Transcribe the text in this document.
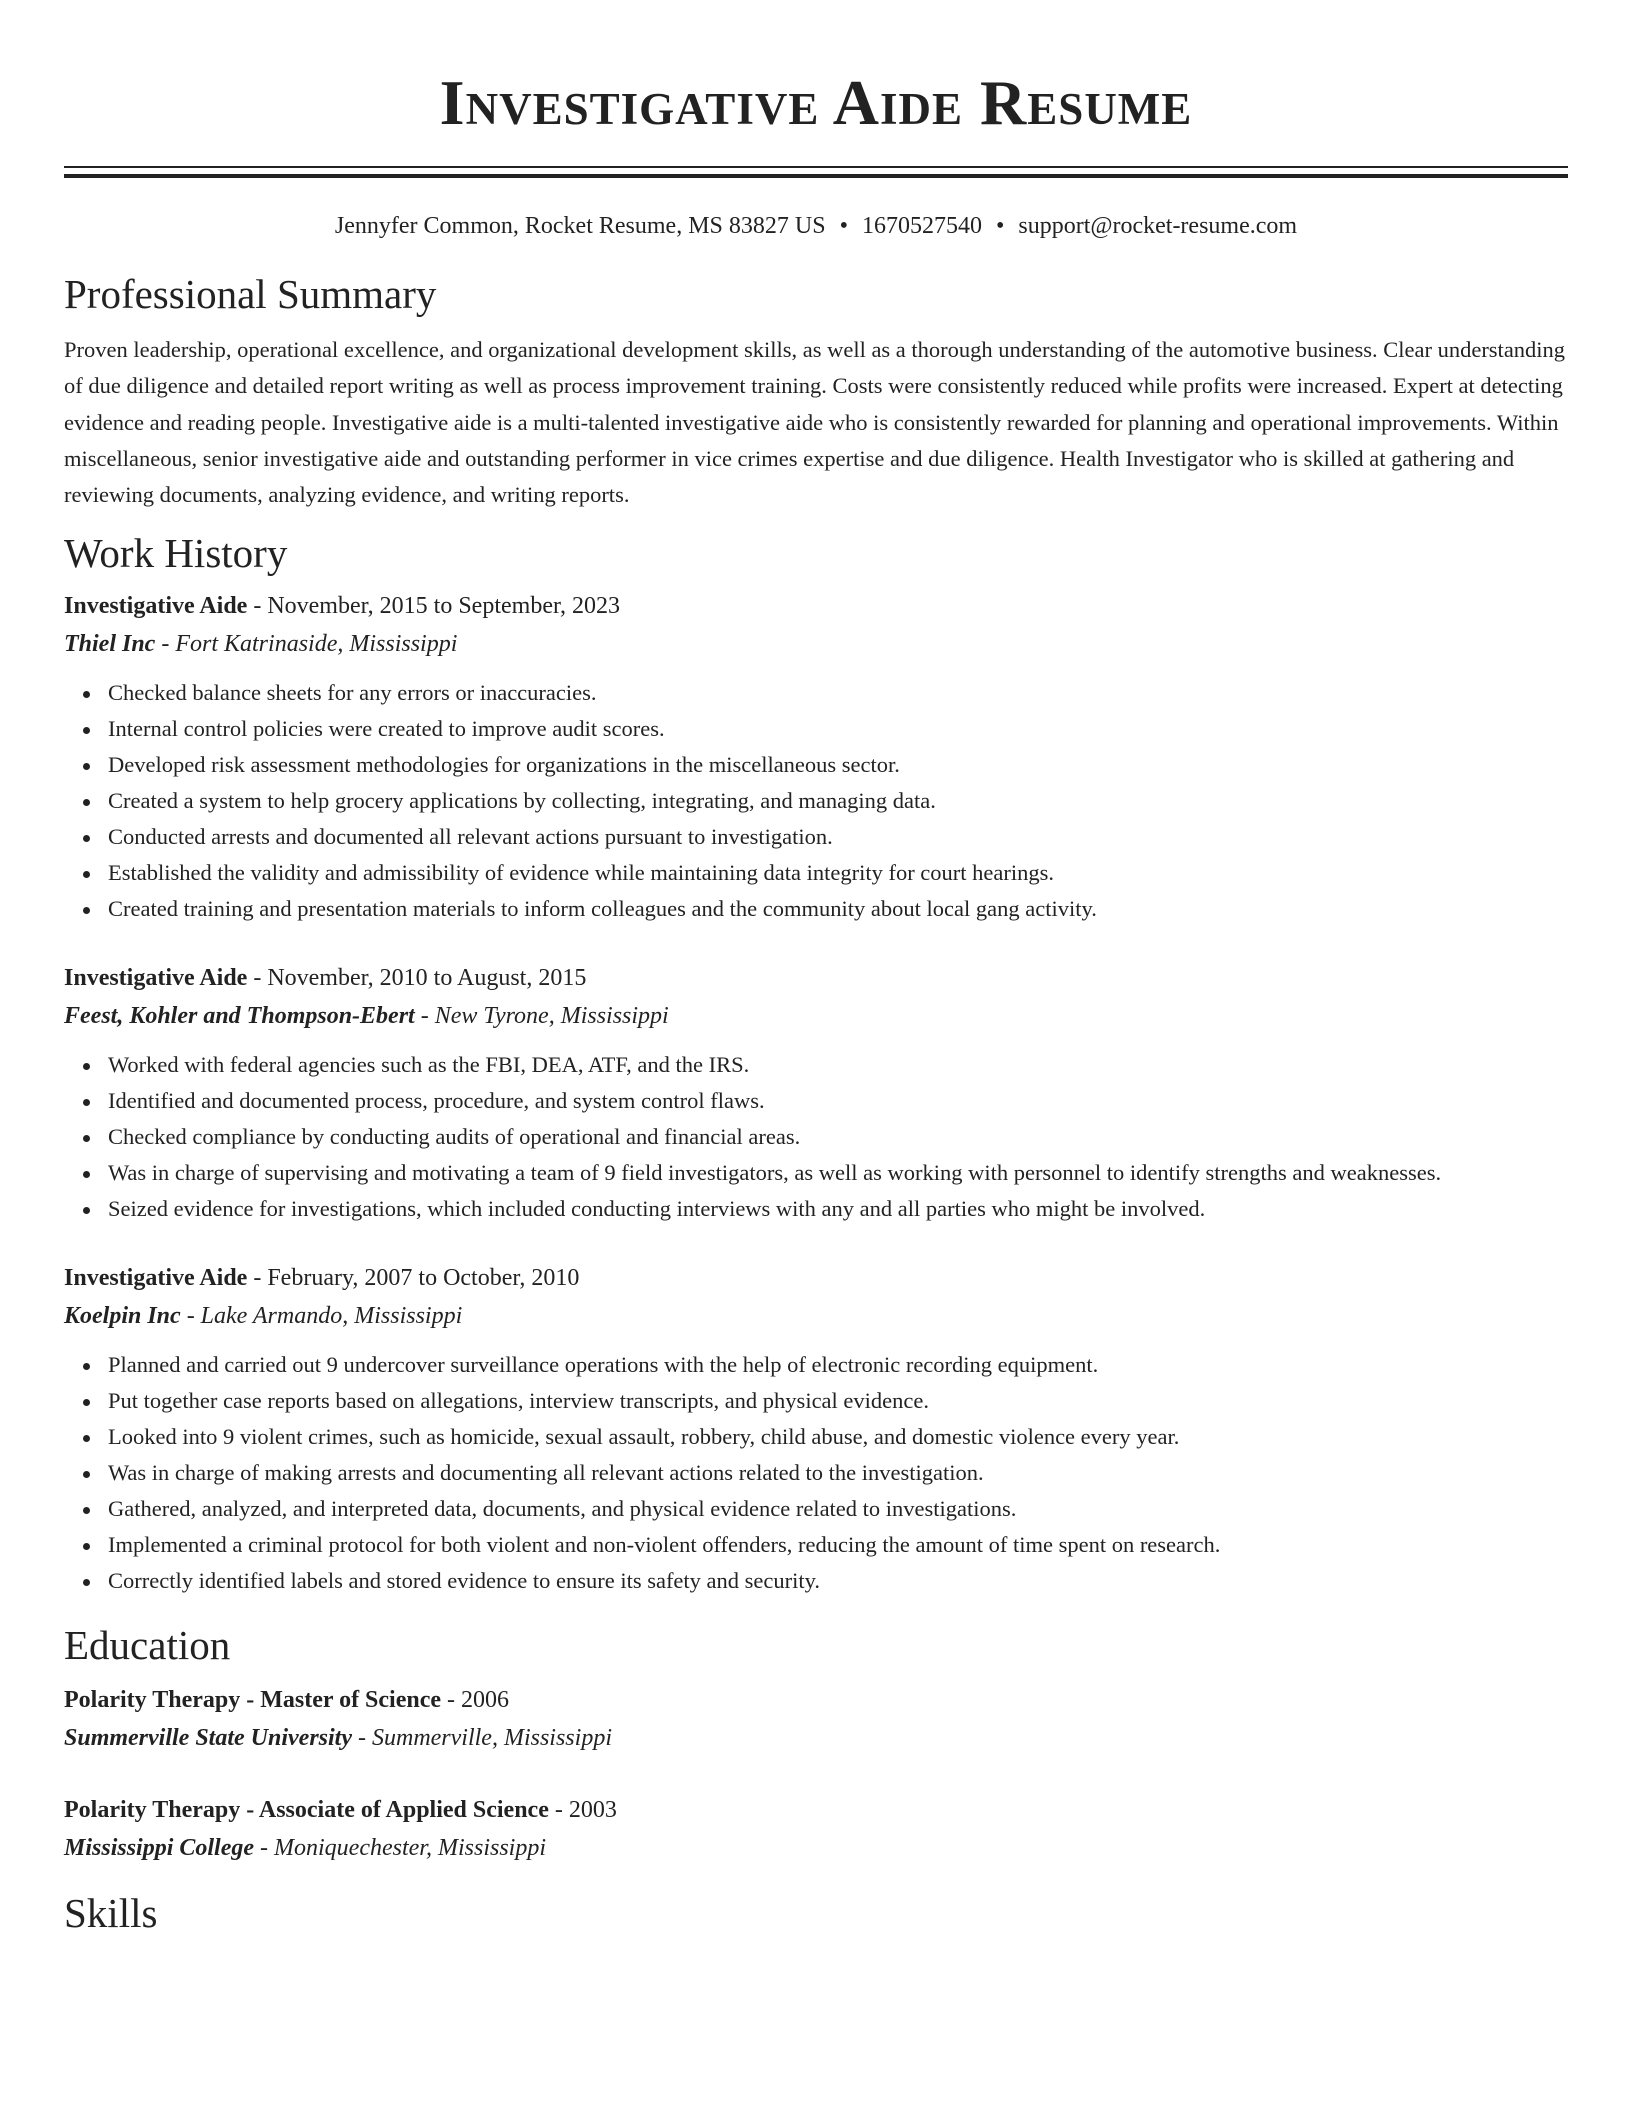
Investigative Aide Resume
Jennyfer Common, Rocket Resume, MS 83827 US • 1670527540 • support@rocket-resume.com
Professional Summary

Proven leadership, operational excellence, and organizational development skills, as well as a thorough understanding of the automotive business. Clear understanding of due diligence and detailed report writing as well as process improvement training. Costs were consistently reduced while profits were increased. Expert at detecting evidence and reading people. Investigative aide is a multi-talented investigative aide who is consistently rewarded for planning and operational improvements. Within miscellaneous, senior investigative aide and outstanding performer in vice crimes expertise and due diligence. Health Investigator who is skilled at gathering and reviewing documents, analyzing evidence, and writing reports.

Work History
Investigative Aide - November, 2015 to September, 2023
Thiel Inc - Fort Katrinaside, Mississippi
Checked balance sheets for any errors or inaccuracies.
Internal control policies were created to improve audit scores.
Developed risk assessment methodologies for organizations in the miscellaneous sector.
Created a system to help grocery applications by collecting, integrating, and managing data.
Conducted arrests and documented all relevant actions pursuant to investigation.
Established the validity and admissibility of evidence while maintaining data integrity for court hearings.
Created training and presentation materials to inform colleagues and the community about local gang activity.
Investigative Aide - November, 2010 to August, 2015
Feest, Kohler and Thompson-Ebert - New Tyrone, Mississippi
Worked with federal agencies such as the FBI, DEA, ATF, and the IRS.
Identified and documented process, procedure, and system control flaws.
Checked compliance by conducting audits of operational and financial areas.
Was in charge of supervising and motivating a team of 9 field investigators, as well as working with personnel to identify strengths and weaknesses.
Seized evidence for investigations, which included conducting interviews with any and all parties who might be involved.
Investigative Aide - February, 2007 to October, 2010
Koelpin Inc - Lake Armando, Mississippi
Planned and carried out 9 undercover surveillance operations with the help of electronic recording equipment.
Put together case reports based on allegations, interview transcripts, and physical evidence.
Looked into 9 violent crimes, such as homicide, sexual assault, robbery, child abuse, and domestic violence every year.
Was in charge of making arrests and documenting all relevant actions related to the investigation.
Gathered, analyzed, and interpreted data, documents, and physical evidence related to investigations.
Implemented a criminal protocol for both violent and non-violent offenders, reducing the amount of time spent on research.
Correctly identified labels and stored evidence to ensure its safety and security.
Education
Polarity Therapy - Master of Science - 2006
Summerville State University - Summerville, Mississippi
Polarity Therapy - Associate of Applied Science - 2003
Mississippi College - Moniquechester, Mississippi
Skills
